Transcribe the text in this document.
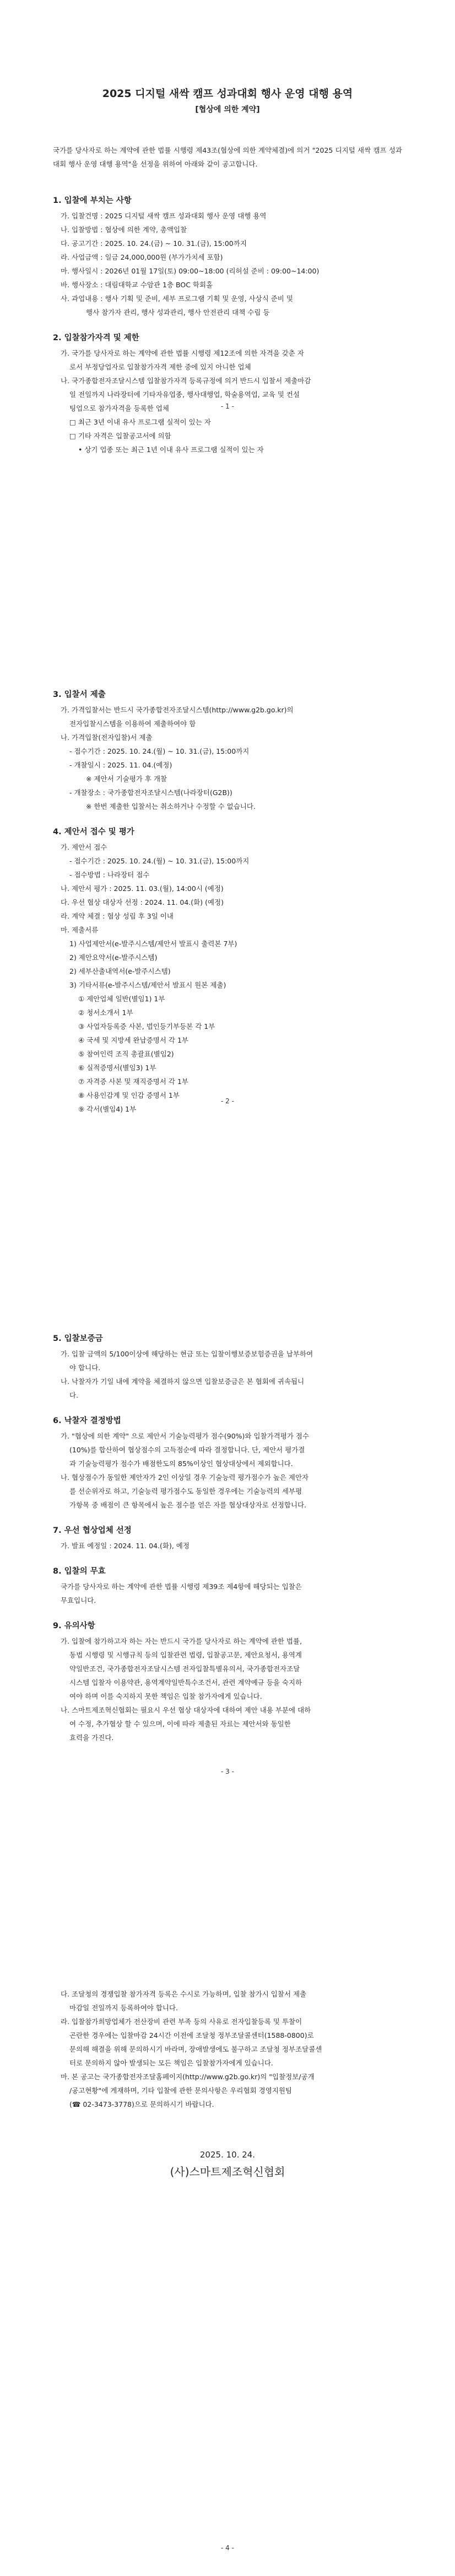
2025 디지털 새싹 캠프 성과대회 행사 운영 대행 용역
[협상에 의한 계약]

국가를 당사자로 하는 계약에 관한 법률 시행령 제43조(협상에 의한 계약체결)에 의거 "2025 디지털 새싹 캠프 성과대회 행사 운영 대행 용역"을 선정을 위하여 아래와 같이 공고합니다.

1. 입찰에 부치는 사항

가. 입찰건명 : 2025 디지털 새싹 캠프 성과대회 행사 운영 대행 용역

나. 입찰방법 : 협상에 의한 계약, 총액입찰

다. 공고기간 : 2025. 10. 24.(금) ~ 10. 31.(금), 15:00까지

라. 사업금액 : 일금 24,000,000원 (부가가치세 포함)

마. 행사일시 : 2026년 01월 17일(토) 09:00~18:00 (리허설 준비 : 09:00~14:00)

바. 행사장소 : 대림대학교 수암관 1층 BOC 학회홀

사. 과업내용 : 행사 기획 및 준비, 세부 프로그램 기획 및 운영, 사상식 준비 및

행사 참가자 관리, 행사 성과관리, 행사 안전관리 대책 수립 등

2. 입찰참가자격 및 제한

가. 국가를 당사자로 하는 계약에 관한 법률 시행령 제12조에 의한 자격을 갖춘 자

로서 부정당업자로 입찰참가자격 제한 중에 있지 아니한 업체

나. 국가종합전자조달시스템 입찰참가자격 등록규정에 의거 반드시 입찰서 제출마감

일 전일까지 나라장터에 기타자유업종, 행사대행업, 학술용역업, 교육 및 컨설

팅업으로 참가자격을 등록한 업체

□ 최근 3년 이내 유사 프로그램 실적이 있는 자

□ 기타 자격은 입찰공고서에 의함

• 상기 업종 또는 최근 1년 이내 유사 프로그램 실적이 있는 자

- 1 -
3. 입찰서 제출

가. 가격입찰서는 반드시 국가종합전자조달시스템(http://www.g2b.go.kr)의

전자입찰시스템을 이용하여 제출하여야 함

나. 가격입찰(전자입찰)서 제출

- 접수기간 : 2025. 10. 24.(월) ~ 10. 31.(금), 15:00까지

- 개찰일시 : 2025. 11. 04.(예정)

※ 제안서 기술평가 후 개찰

- 개찰장소 : 국가종합전자조달시스템(나라장터(G2B))

※ 한번 제출한 입찰서는 취소하거나 수정할 수 없습니다.

4. 제안서 접수 및 평가

가. 제안서 접수

- 접수기간 : 2025. 10. 24.(월) ~ 10. 31.(금), 15:00까지

- 접수방법 : 나라장터 접수

나. 제안서 평가 : 2025. 11. 03.(월), 14:00시 (예정)

다. 우선 협상 대상자 선정 : 2024. 11. 04.(화) (예정)

라. 계약 체결 : 협상 성립 후 3일 이내

마. 제출서류

1) 사업제안서(e-발주시스템/제안서 발표시 출력본 7부)

2) 제안요약서(e-발주시스템)

2) 세부산출내역서(e-발주시스템)

3) 기타서류(e-발주시스템/제안서 발표시 원본 제출)

① 제안업체 일반(별임1) 1부

② 청서소개서 1부

③ 사업자등록증 사본, 법인등기부등본 각 1부

④ 국세 및 지방세 완납증명서 각 1부

⑤ 참여인력 조직 총괄표(별임2)

⑥ 실적증명서(별임3) 1부

⑦ 자격증 사본 및 재직증명서 각 1부

⑧ 사용인감계 및 인감 증명서 1부

⑨ 각서(별임4) 1부

- 2 -
5. 입찰보증금

가. 입찰 금액의 5/100이상에 해당하는 현금 또는 입찰이행보증보험증권을 납부하여

야 합니다.

나. 낙찰자가 기일 내에 계약을 체결하지 않으면 입찰보증금은 본 협회에 귀속됩니

다.

6. 낙찰자 결정방법

가. "협상에 의한 계약" 으로 제안서 기술능력평가 점수(90%)와 입찰가격평가 점수

(10%)를 합산하여 협상점수의 고득점순에 따라 결정합니다. 단, 제안서 평가결

과 기술능력평가 점수가 배점한도의 85%이상인 협상대상에서 제외합니다.

나. 협상점수가 동일한 제안자가 2인 이상일 경우 기술능력 평가점수가 높은 제안자

를 선순위자로 하고, 기술능력 평가점수도 동일한 경우에는 기술능력의 세부평

가항목 중 배점이 큰 항목에서 높은 점수를 얻은 자를 협상대상자로 선정합니다.

7. 우선 협상업체 선정

가. 발표 예정일 : 2024. 11. 04.(화), 예정

8. 입찰의 무효

국가를 당사자로 하는 계약에 관한 법률 시행령 제39조 제4항에 해당되는 입찰은

무효입니다.

9. 유의사항

가. 입찰에 참가하고자 하는 자는 반드시 국가를 당사자로 하는 계약에 관한 법률,

동법 시행령 및 시행규칙 등의 입찰관련 법령, 입찰공고문, 제안요청서, 용역계

약일반조건, 국가종합전자조달시스템 전자입찰특별유의서, 국가종합전자조달

시스템 입찰자 이용약관, 용역계약일반특수조건서, 관련 계약예규 등을 숙지하

여야 하며 이를 숙지하지 못한 책임은 입찰 참가자에게 있습니다.

나. 스마트제조혁신협회는 필요시 우선 협상 대상자에 대하여 제안 내용 부분에 대하

여 수정, 추가협상 할 수 있으며, 이에 따라 제출된 자료는 제안서와 동일한

효력을 가진다.

- 3 -

다. 조달청의 경쟁입찰 참가자격 등록은 수시로 가능하며, 입찰 참가시 입찰서 제출

마감일 전일까지 등록하여야 합니다.

라. 입찰참가희망업체가 전산장비 관련 부족 등의 사유로 전자입찰등록 및 투찰이

곤란한 경우에는 입찰마감 24시간 이전에 조달청 정부조달콜센터(1588-0800)로

문의해 해결을 위해 문의하시기 바라며, 장애발생에도 불구하고 조달청 정부조달콜센

터로 문의하지 않아 발생되는 모든 책임은 입찰참가자에게 있습니다.

마. 본 공고는 국가종합전자조달홈페이지(http://www.g2b.go.kr)의 "입찰정보/공개

/공고현황"에 게재하며, 기타 입찰에 관한 문의사항은 우리협회 경영지원팀

(☎ 02-3473-3778)으로 문의하시기 바랍니다.

2025. 10. 24.
(사)스마트제조혁신협회
- 4 -
